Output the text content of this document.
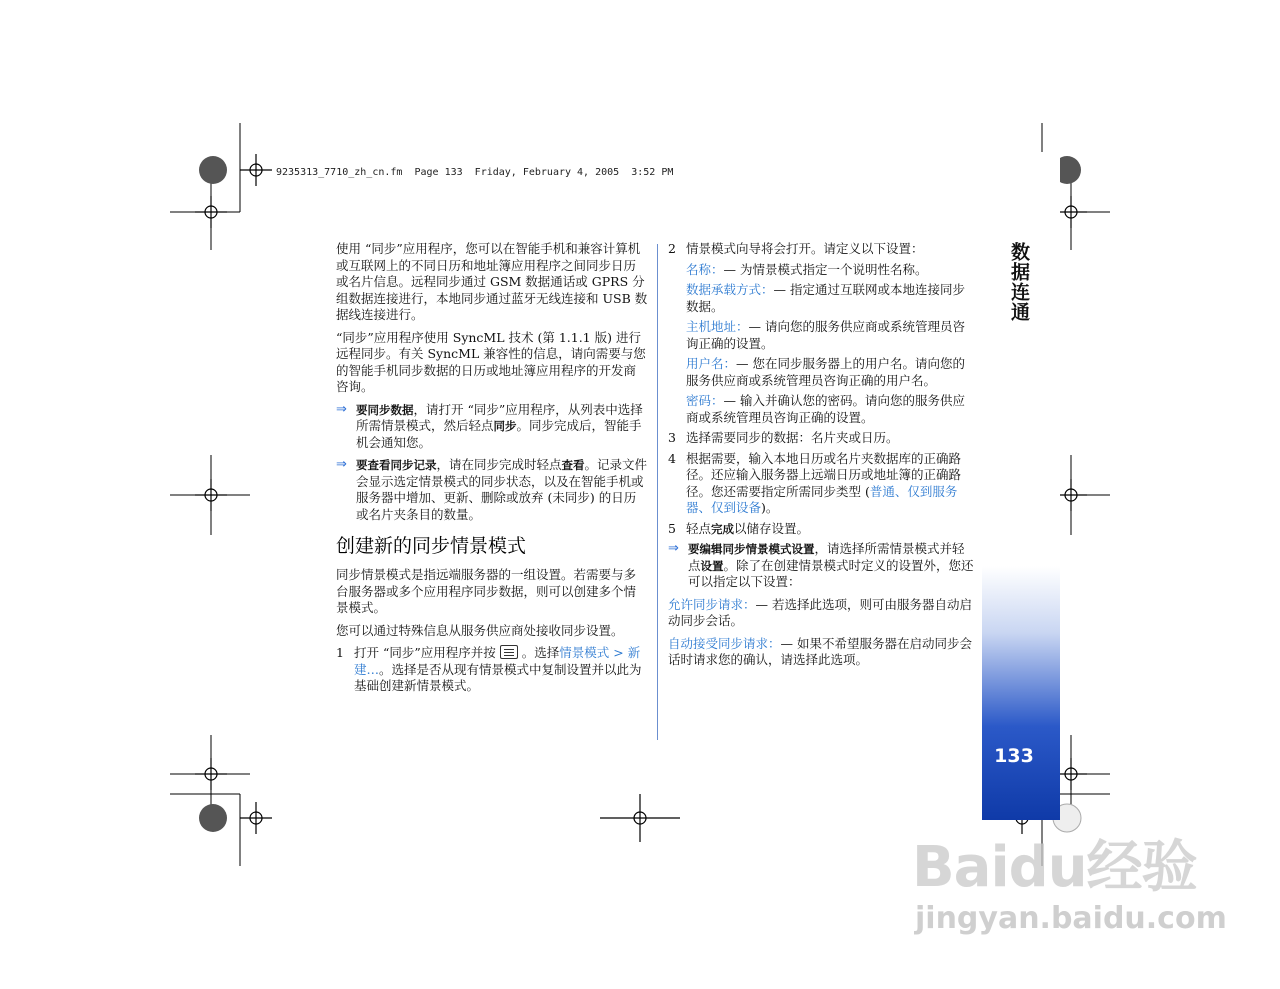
9235313_7710_zh_cn.fm  Page 133  Friday, February 4, 2005  3:52 PM
数据连通
133

使用 “同步”应用程序，您可以在智能手机和兼容计算机或互联网上的不同日历和地址簿应用程序之间同步日历或名片信息。远程同步通过 GSM 数据通话或 GPRS 分组数据连接进行，本地同步通过蓝牙无线连接和 USB 数据线连接进行。

“同步”应用程序使用 SyncML 技术 (第 1.1.1 版) 进行远程同步。有关 SyncML 兼容性的信息，请向需要与您的智能手机同步数据的日历或地址簿应用程序的开发商咨询。

⇒ 要同步数据，请打开 “同步”应用程序，从列表中选择所需情景模式，然后轻点同步。同步完成后，智能手机会通知您。
⇒ 要查看同步记录，请在同步完成时轻点查看。记录文件会显示选定情景模式的同步状态，以及在智能手机或服务器中增加、更新、删除或放弃 (未同步) 的日历或名片夹条目的数量。
创建新的同步情景模式

同步情景模式是指远端服务器的一组设置。若需要与多台服务器或多个应用程序同步数据，则可以创建多个情景模式。

您可以通过特殊信息从服务供应商处接收同步设置。

1 打开 “同步”应用程序并按 。选择情景模式 > 新建…。选择是否从现有情景模式中复制设置并以此为基础创建新情景模式。
2 情景模式向导将会打开。请定义以下设置：
名称：— 为情景模式指定一个说明性名称。
数据承载方式：— 指定通过互联网或本地连接同步数据。
主机地址：— 请向您的服务供应商或系统管理员咨询正确的设置。
用户名：— 您在同步服务器上的用户名。请向您的服务供应商或系统管理员咨询正确的用户名。
密码：— 输入并确认您的密码。请向您的服务供应商或系统管理员咨询正确的设置。
3 选择需要同步的数据：名片夹或日历。
4 根据需要，输入本地日历或名片夹数据库的正确路径。还应输入服务器上远端日历或地址簿的正确路径。您还需要指定所需同步类型 (普通、仅到服务器、仅到设备)。
5 轻点完成以储存设置。
⇒ 要编辑同步情景模式设置，请选择所需情景模式并轻点设置。除了在创建情景模式时定义的设置外，您还可以指定以下设置：

允许同步请求：— 若选择此选项，则可由服务器自动启动同步会话。

自动接受同步请求：— 如果不希望服务器在启动同步会话时请求您的确认，请选择此选项。

Baidu经验
jingyan.baidu.com
